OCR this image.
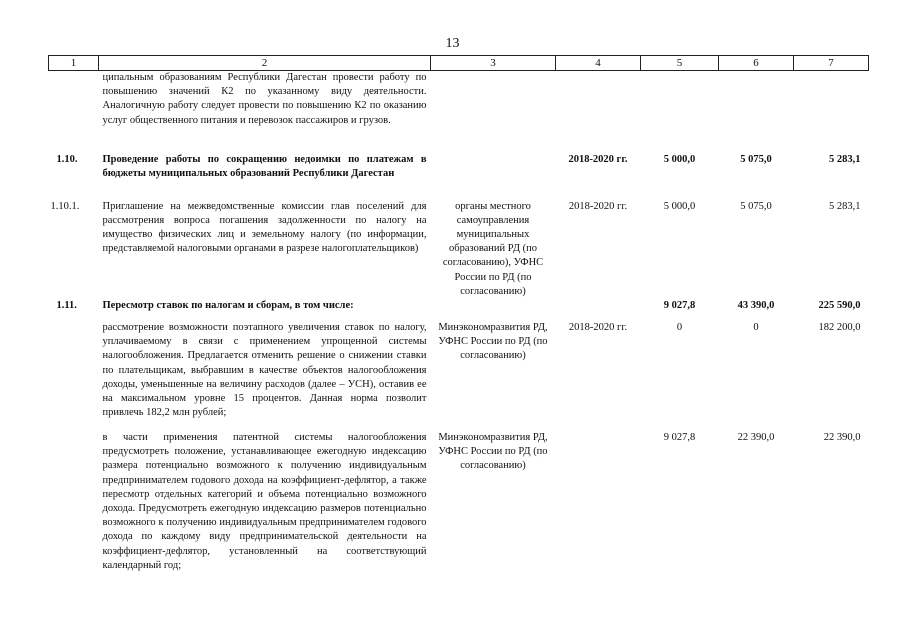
13
1	2	3	4	5	6	7
	ципальным образованиям Республики Дагестан провести работу по повышению значений К2 по указанному виду деятельности. Аналогичную работу следует провести по повышению К2 по оказанию услуг общественного питания и перевозок пассажиров и грузов.					
1.10.	Проведение работы по сокращению недоимки по платежам в бюджеты муниципальных образований Республики Дагестан		2018-2020 гг.	5 000,0	5 075,0	5 283,1
1.10.1.	Приглашение на межведомственные комиссии глав поселений для рассмотрения вопроса погашения задолженности по налогу на имущество физических лиц и земельному налогу (по информации, представляемой налоговыми органами в разрезе налогоплательщиков)	органы местного самоуправления муниципальных образований РД (по согласованию), УФНС России по РД (по согласованию)	2018-2020 гг.	5 000,0	5 075,0	5 283,1
1.11.	Пересмотр ставок по налогам и сборам, в том числе:			9 027,8	43 390,0	225 590,0
	рассмотрение возможности поэтапного увеличения ставок по налогу, уплачиваемому в связи с применением упрощенной системы налогообложения. Предлагается отменить решение о снижении ставки по плательщикам, выбравшим в качестве объектов налогообложения доходы, уменьшенные на величину расходов (далее – УСН), оставив ее на максимальном уровне 15 процентов. Данная норма позволит привлечь 182,2 млн рублей;	Минэкономразвития РД, УФНС России по РД (по согласованию)	2018-2020 гг.	0	0	182 200,0
	в части применения патентной системы налогообложения предусмотреть положение, устанавливающее ежегодную индексацию размера потенциально возможного к получению индивидуальным предпринимателем годового дохода на коэффициент-дефлятор, а также пересмотр отдельных категорий и объема потенциально возможного дохода. Предусмотреть ежегодную индексацию размеров потенциально возможного к получению индивидуальным предпринимателем годового дохода по каждому виду предпринимательской деятельности на коэффициент-дефлятор, установленный на соответствующий календарный год;	Минэкономразвития РД, УФНС России по РД (по согласованию)		9 027,8	22 390,0	22 390,0
